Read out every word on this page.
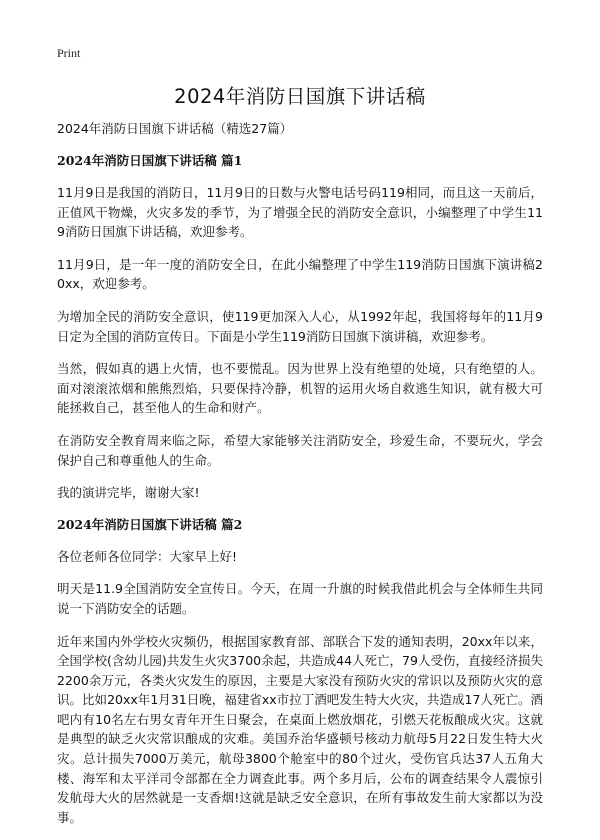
Print
2024年消防日国旗下讲话稿

2024年消防日国旗下讲话稿（精选27篇）

2024年消防日国旗下讲话稿 篇1

11月9日是我国的消防日，11月9日的日数与火警电话号码119相同，而且这一天前后，正值风干物燥，火灾多发的季节，为了增强全民的消防安全意识，小编整理了中学生119消防日国旗下讲话稿，欢迎参考。

11月9日，是一年一度的消防安全日，在此小编整理了中学生119消防日国旗下演讲稿20xx，欢迎参考。

为增加全民的消防安全意识，使119更加深入人心，从1992年起，我国将每年的11月9日定为全国的消防宣传日。下面是小学生119消防日国旗下演讲稿，欢迎参考。

当然，假如真的遇上火情，也不要慌乱。因为世界上没有绝望的处境，只有绝望的人。面对滚滚浓烟和熊熊烈焰，只要保持冷静，机智的运用火场自救逃生知识，就有极大可能拯救自己，甚至他人的生命和财产。

在消防安全教育周来临之际，希望大家能够关注消防安全，珍爱生命，不要玩火，学会保护自己和尊重他人的生命。

我的演讲完毕，谢谢大家!

2024年消防日国旗下讲话稿 篇2

各位老师各位同学：大家早上好!

明天是11.9全国消防安全宣传日。今天，在周一升旗的时候我借此机会与全体师生共同说一下消防安全的话题。

近年来国内外学校火灾频仍，根据国家教育部、部联合下发的通知表明，20xx年以来，全国学校(含幼儿园)共发生火灾3700余起，共造成44人死亡，79人受伤，直接经济损失2200余万元，各类火灾发生的原因，主要是大家没有预防火灾的常识以及预防火灾的意识。比如20xx年1月31日晚，福建省xx市拉丁酒吧发生特大火灾，共造成17人死亡。酒吧内有10名左右男女青年开生日聚会，在桌面上燃放烟花，引燃天花板酿成火灾。这就是典型的缺乏火灾常识酿成的灾难。美国乔治华盛顿号核动力航母5月22日发生特大火灾。总计损失7000万美元，航母3800个舱室中的80个过火，受伤官兵达37人五角大楼、海军和太平洋司令部都在全力调查此事。两个多月后，公布的调查结果令人震惊引发航母大火的居然就是一支香烟!这就是缺乏安全意识，在所有事故发生前大家都以为没事。
